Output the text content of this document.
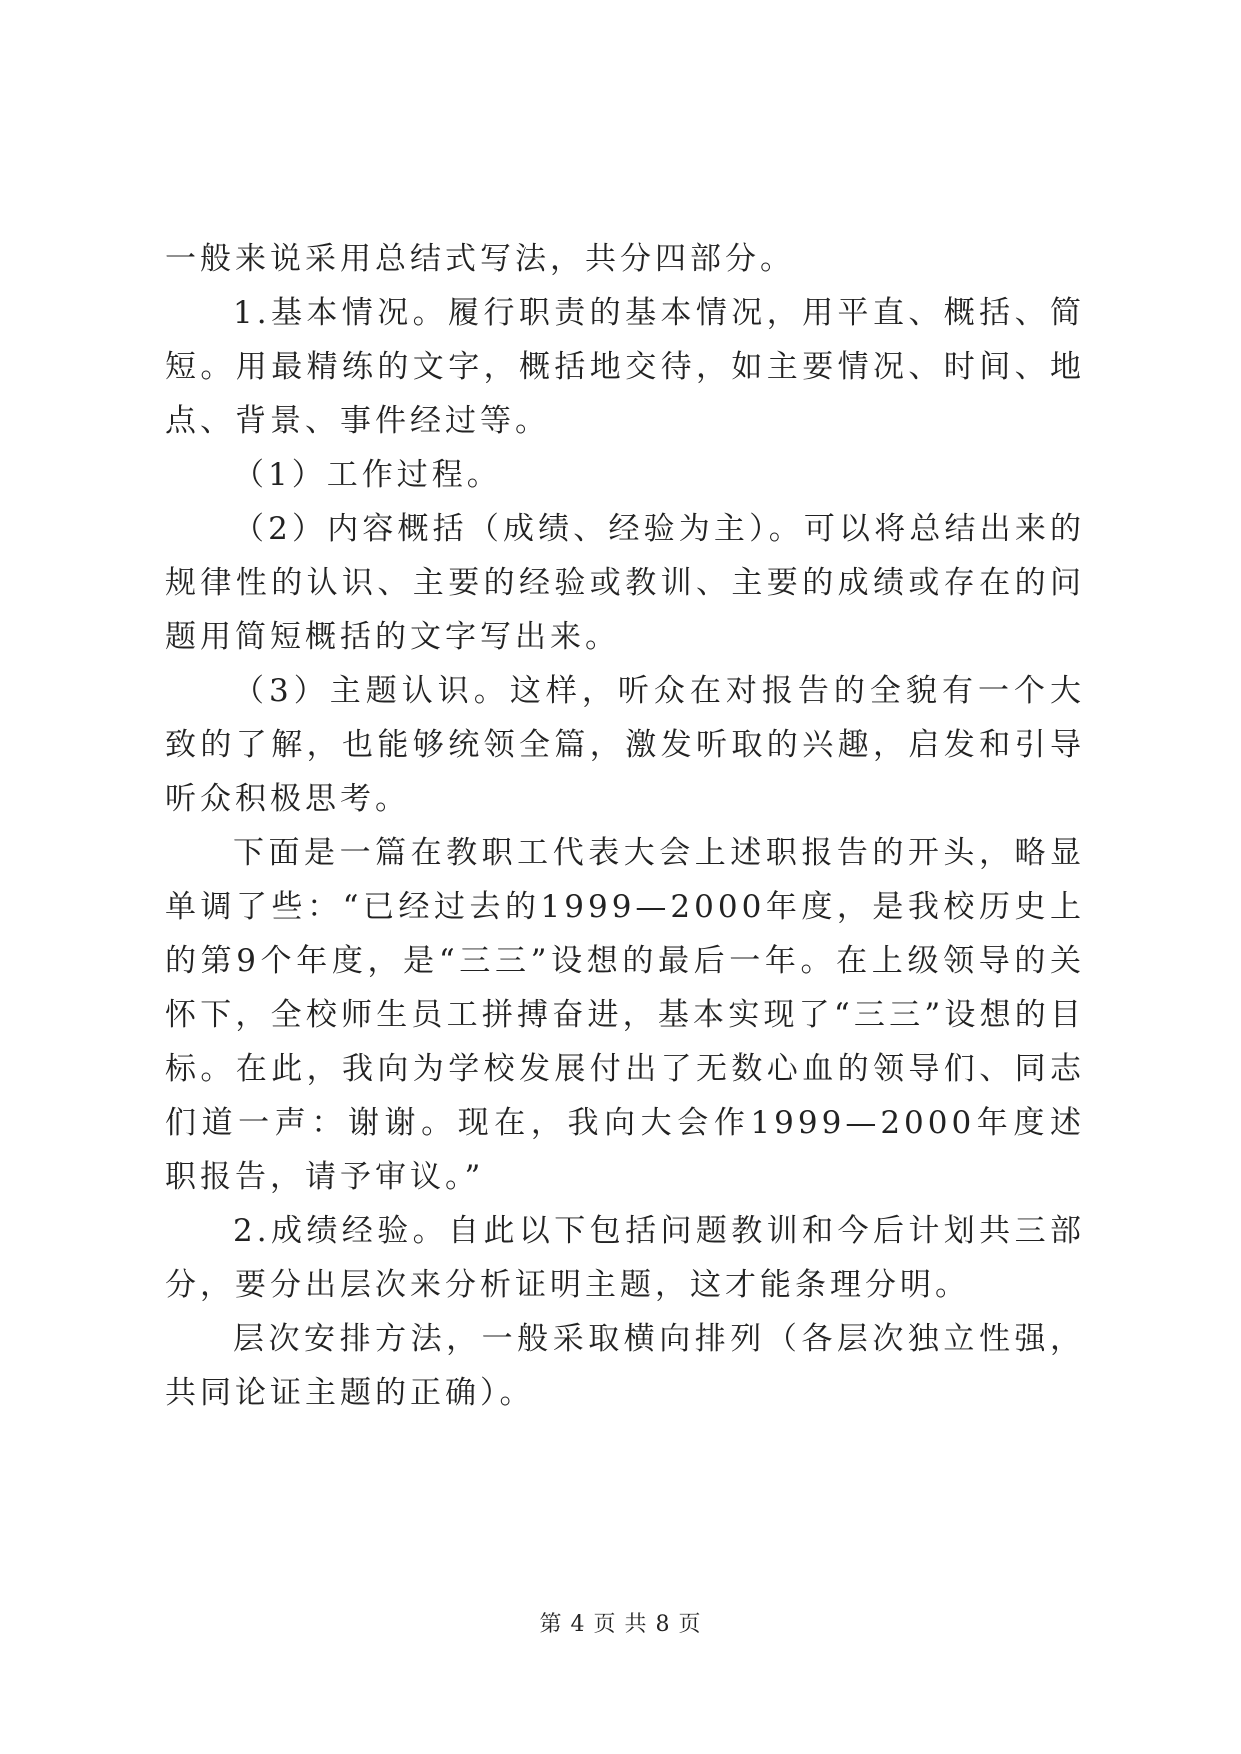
一般来说采用总结式写法，共分四部分。

1.基本情况。履行职责的基本情况，用平直、概括、简短。用最精练的文字，概括地交待，如主要情况、时间、地点、背景、事件经过等。

（1）工作过程。

（2）内容概括（成绩、经验为主）。可以将总结出来的规律性的认识、主要的经验或教训、主要的成绩或存在的问题用简短概括的文字写出来。

（3）主题认识。这样，听众在对报告的全貌有一个大致的了解，也能够统领全篇，激发听取的兴趣，启发和引导听众积极思考。

下面是一篇在教职工代表大会上述职报告的开头，略显单调了些：“已经过去的1999—2000年度，是我校历史上的第9个年度，是“三三”设想的最后一年。在上级领导的关怀下，全校师生员工拼搏奋进，基本实现了“三三”设想的目标。在此，我向为学校发展付出了无数心血的领导们、同志们道一声：谢谢。现在，我向大会作1999—2000年度述职报告，请予审议。”

2.成绩经验。自此以下包括问题教训和今后计划共三部分，要分出层次来分析证明主题，这才能条理分明。

层次安排方法，一般采取横向排列（各层次独立性强，共同论证主题的正确）。

第 4 页 共 8 页
